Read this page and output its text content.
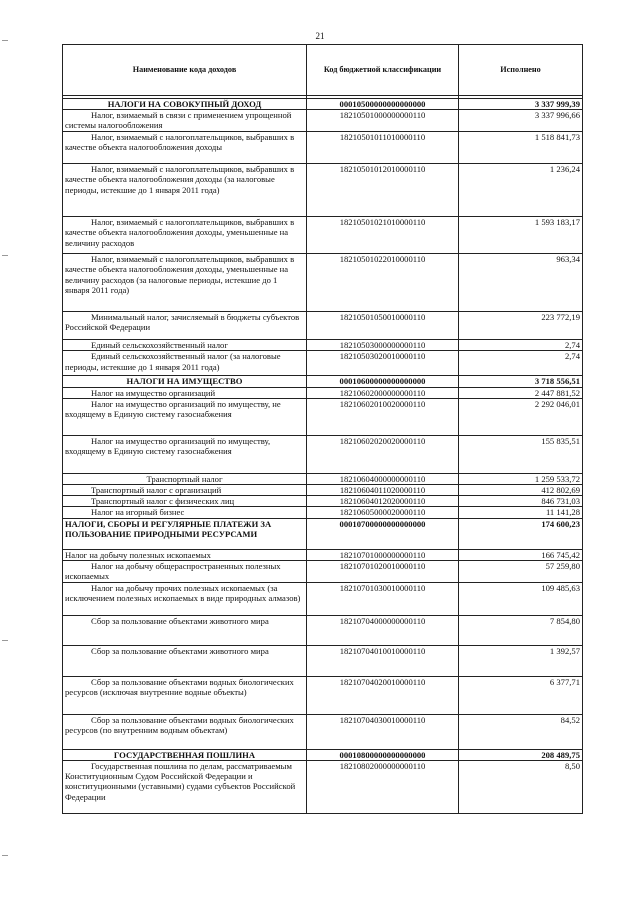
21
Наименование кода доходов	Код бюджетной классификации	Исполнено

НАЛОГИ НА СОВОКУПНЫЙ ДОХОД	00010500000000000000	3 337 999,39
Налог, взимаемый в связи с применением упрощенной системы налогообложения	18210501000000000110	3 337 996,66
Налог, взимаемый с налогоплательщиков, выбравших в качестве объекта налогообложения доходы	18210501011010000110	1 518 841,73
Налог, взимаемый с налогоплательщиков, выбравших в качестве объекта налогообложения доходы (за налоговые периоды, истекшие до 1 января 2011 года)	18210501012010000110	1 236,24
Налог, взимаемый с налогоплательщиков, выбравших в качестве объекта налогообложения доходы, уменьшенные на величину расходов	18210501021010000110	1 593 183,17
Налог, взимаемый с налогоплательщиков, выбравших в качестве объекта налогообложения доходы, уменьшенные на величину расходов (за налоговые периоды, истекшие до 1 января 2011 года)	18210501022010000110	963,34
Минимальный налог, зачисляемый в бюджеты субъектов Российской Федерации	18210501050010000110	223 772,19
Единый сельскохозяйственный налог	18210503000000000110	2,74
Единый сельскохозяйственный налог (за налоговые периоды, истекшие до 1 января 2011 года)	18210503020010000110	2,74
НАЛОГИ НА ИМУЩЕСТВО	00010600000000000000	3 718 556,51
Налог на имущество организаций	18210602000000000110	2 447 881,52
Налог на имущество организаций по имуществу, не входящему в Единую систему газоснабжения	18210602010020000110	2 292 046,01
Налог на имущество организаций по имуществу, входящему в Единую систему газоснабжения	18210602020020000110	155 835,51
Транспортный налог	18210604000000000110	1 259 533,72
Транспортный налог с организаций	18210604011020000110	412 802,69
Транспортный налог с физических лиц	18210604012020000110	846 731,03
Налог на игорный бизнес	18210605000020000110	11 141,28
НАЛОГИ, СБОРЫ И РЕГУЛЯРНЫЕ ПЛАТЕЖИ ЗА ПОЛЬЗОВАНИЕ ПРИРОДНЫМИ РЕСУРСАМИ	00010700000000000000	174 600,23
Налог на добычу полезных ископаемых	18210701000000000110	166 745,42
Налог на добычу общераспространенных полезных ископаемых	18210701020010000110	57 259,80
Налог на добычу прочих полезных ископаемых (за исключением полезных ископаемых в виде природных алмазов)	18210701030010000110	109 485,63
Сбор за пользование объектами животного мира	18210704000000000110	7 854,80
Сбор за пользование объектами животного мира	18210704010010000110	1 392,57
Сбор за пользование объектами водных биологических ресурсов (исключая внутренние водные объекты)	18210704020010000110	6 377,71
Сбор за пользование объектами водных биологических ресурсов (по внутренним водным объектам)	18210704030010000110	84,52
ГОСУДАРСТВЕННАЯ ПОШЛИНА	00010800000000000000	208 489,75
Государственная пошлина по делам, рассматриваемым Конституционным Судом Российской Федерации и конституционными (уставными) судами субъектов Российской Федерации	18210802000000000110	8,50
